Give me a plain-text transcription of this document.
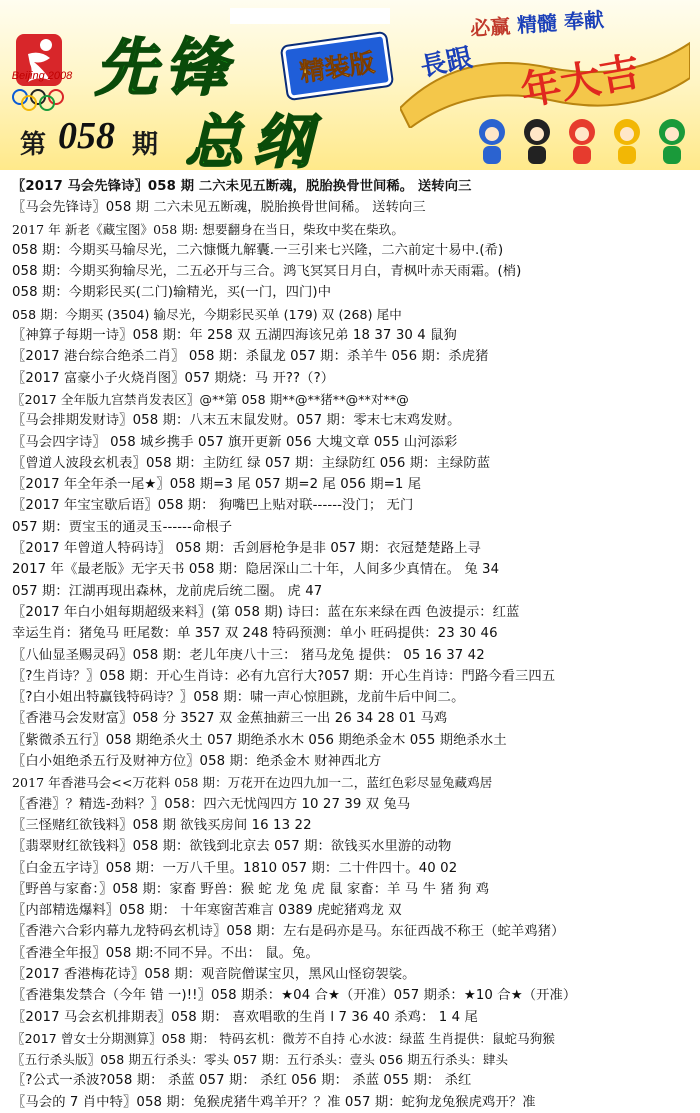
Beijing 2008 先锋	精装版
总纲
第 058 期
必赢 精髓 奉献
長跟 年大吉
〖2017 马会先锋诗〗058 期 二六未见五断魂，脱胎换骨世间稀。 送转向三
〖马会先锋诗〗058 期 二六未见五断魂，脱胎换骨世间稀。 送转向三
2017 年 新老《藏宝图》058 期: 想要翻身在当日，柴玫中奖在柴玖。
058 期：今期买马输尽光，二六慷慨九解囊.一三引来七兴隆，二六前定十易中.(希)
058 期：今期买狗输尽光，二五必开与三合。鸿飞冥冥日月白，青枫叶赤天雨霜。(梢)
058 期：今期彩民买(二门)输精光，买(一门，四门)中
058 期：今期买 (3504) 输尽光，今期彩民买单 (179) 双 (268) 尾中
〖神算子每期一诗〗058 期：年 258 双 五湖四海该兄弟 18 37 30 4 鼠狗
〖2017 港台综合绝杀二肖〗 058 期：杀鼠龙 057 期：杀羊牛 056 期：杀虎猪
〖2017 富豪小子火烧肖图〗057 期烧：马 开??（?）
〖2017 全年版九宫禁肖发表区〗@**第 058 期**@**猪**@**对**@
〖马会排期发财诗〗058 期：八末五末鼠发财。057 期：零末七末鸡发财。
〖马会四字诗〗 058 城乡携手 057 旗开更新 056 大塊文章 055 山河添彩
〖曾道人波段玄机表〗058 期：主防红 绿 057 期：主绿防红 056 期：主绿防蓝
〖2017 年全年杀一尾★〗058 期=3 尾 057 期=2 尾 056 期=1 尾
〖2017 年宝宝歇后语〗058 期： 狗嘴巴上贴对联------没门； 无门
057 期：贾宝玉的通灵玉------命根子
〖2017 年曾道人特码诗〗 058 期：舌剑唇枪争是非 057 期：衣冠楚楚路上寻
2017 年《最老版》无字天书 058 期：隐居深山二十年，人间多少真情在。 兔 34
057 期：江湖再现出森林，龙前虎后统二圈。 虎 47
〖2017 年白小姐每期超级来料〗(第 058 期) 诗曰：蓝在东来绿在西 色波提示：红蓝
幸运生肖：猪兔马 旺尾数：单 357 双 248 特码预测：单小 旺码提供：23 30 46
〖八仙显圣赐灵码〗058 期：老儿年庚八十三： 猪马龙兔 提供： 05 16 37 42
〖?生肖诗？〗058 期：开心生肖诗：必有九宫行大?057 期：开心生肖诗：門路今看三四五
〖?白小姐出特赢钱特码诗？〗058 期：啸一声心惊胆跳，龙前牛后中间二。
〖香港马会发财富〗058 分 3527 双 金蕉抽薪三一出 26 34 28 01 马鸡
〖紫微杀五行〗058 期绝杀火土 057 期绝杀水木 056 期绝杀金木 055 期绝杀水土
〖白小姐绝杀五行及财神方位〗058 期：绝杀金木 财神西北方
2017 年香港马会<<万花料 058 期：万花开在边四九加一二，蓝红色彩尽显兔藏鸡居
〖香港〗？精选-劲料？〗058：四六无忧闯四方 10 27 39 双 兔马
〖三怪赌红欲钱料〗058 期 欲钱买房间 16 13 22
〖翡翠财红欲钱料〗058 期：欲钱到北京去 057 期：欲钱买水里游的动物
〖白金五字诗〗058 期：一万八千里。1810 057 期：二十件四十。40 02
〖野兽与家畜：〗058 期：家畜 野兽：猴 蛇 龙 兔 虎 鼠 家畜：羊 马 牛 猪 狗 鸡
〖内部精选爆料〗058 期： 十年寒窗苦难言 0389 虎蛇猪鸡龙 双
〖香港六合彩内幕九龙特码玄机诗〗058 期：左右是码亦是马。东征西战不称王（蛇羊鸡猪）
〖香港全年报〗058 期:不同不异。不出： 鼠。兔。
〖2017 香港梅花诗〗058 期：观音院僧谋宝贝，黑风山怪窃袈裟。
〖香港集发禁合（今年 错 一)!!〗058 期杀：★04 合★（开准）057 期杀：★10 合★（开准）
〖2017 马会玄机排期表〗058 期： 喜欢唱歌的生肖 l 7 36 40 杀鸡： 1 4 尾
〖2017 曾女士分期测算〗058 期： 特码玄机：微芳不自持 心水波：绿蓝 生肖提供：鼠蛇马狗猴
〖五行杀头版〗058 期五行杀头：零头 057 期：五行杀头：壹头 056 期五行杀头：肆头
〖?公式一杀波?058 期： 杀蓝 057 期： 杀红 056 期： 杀蓝 055 期： 杀红
〖马会的 7 肖中特〗058 期：兔猴虎猪牛鸡羊开？？准 057 期：蛇狗龙兔猴虎鸡开？准
